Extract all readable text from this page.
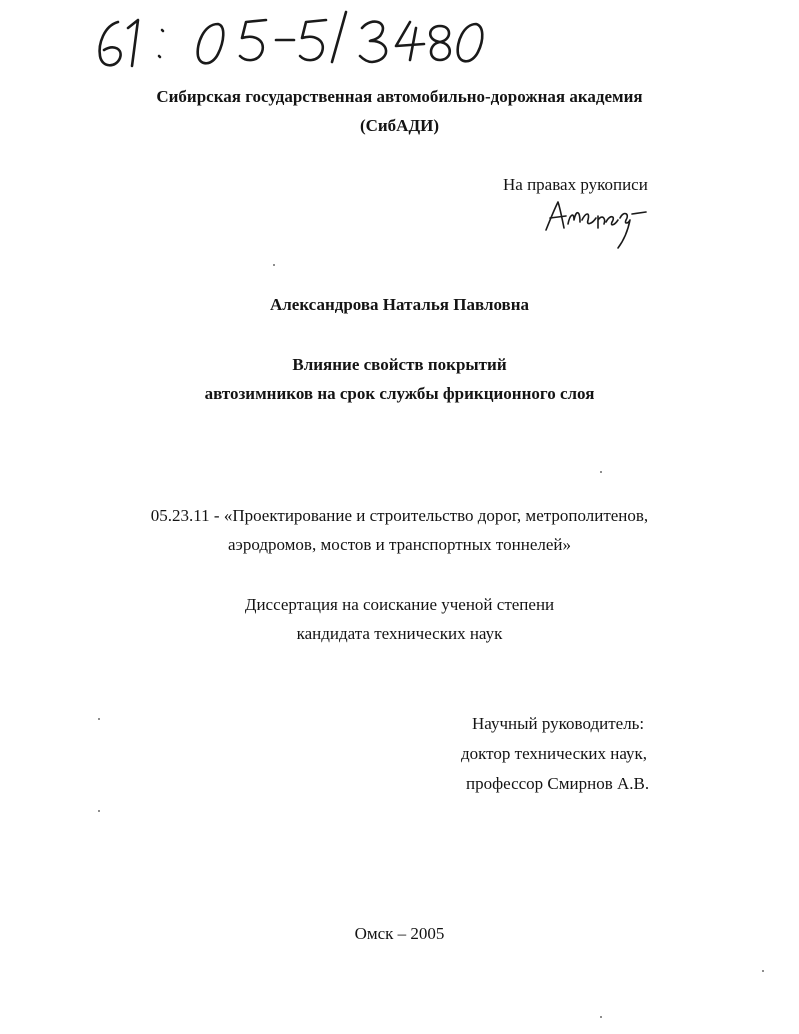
Сибирская государственная автомобильно-дорожная академия
(СибАДИ)
На правах рукописи
Александрова Наталья Павловна
Влияние свойств покрытий
автозимников на срок службы фрикционного слоя
05.23.11 - «Проектирование и строительство дорог, метрополитенов,
аэродромов, мостов и транспортных тоннелей»
Диссертация на соискание ученой степени
кандидата технических наук
Научный руководитель:
доктор технических наук,
профессор Смирнов А.В.
Омск – 2005
